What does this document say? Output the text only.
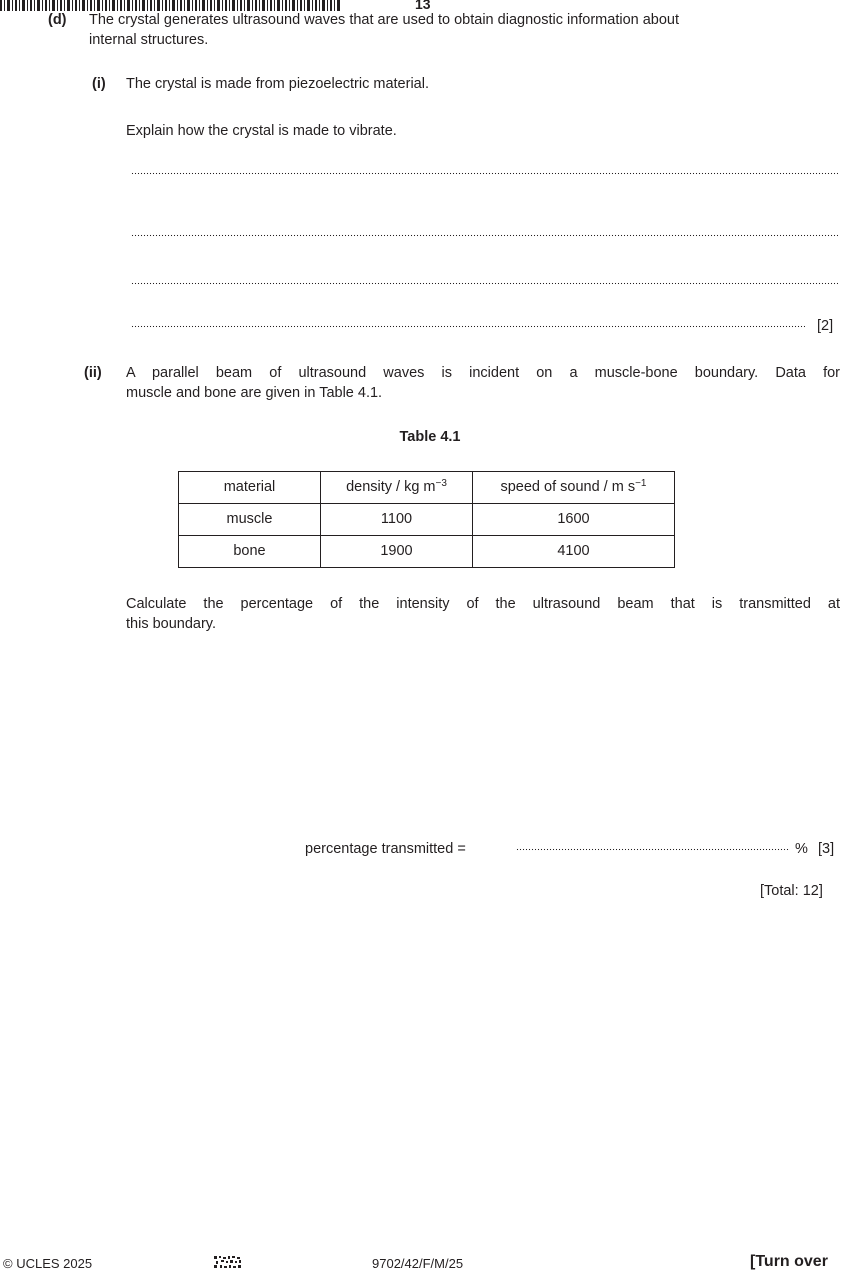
13
(d) The crystal generates ultrasound waves that are used to obtain diagnostic information about
internal structures.
(i) The crystal is made from piezoelectric material.
Explain how the crystal is made to vibrate.
[2]
(ii) A parallel beam of ultrasound waves is incident on a muscle-bone boundary. Data for
muscle and bone are given in Table 4.1.
Table 4.1
material	density / kg $m^{-3}$	speed of sound / m $s^{-1}$
muscle	1100	1600
bone	1900	4100
Calculate the percentage of the intensity of the ultrasound beam that is transmitted at
this boundary.
percentage transmitted =	% [3]
[Total: 12]
© UCLES 2025	9702/42/F/M/25	[Turn over
